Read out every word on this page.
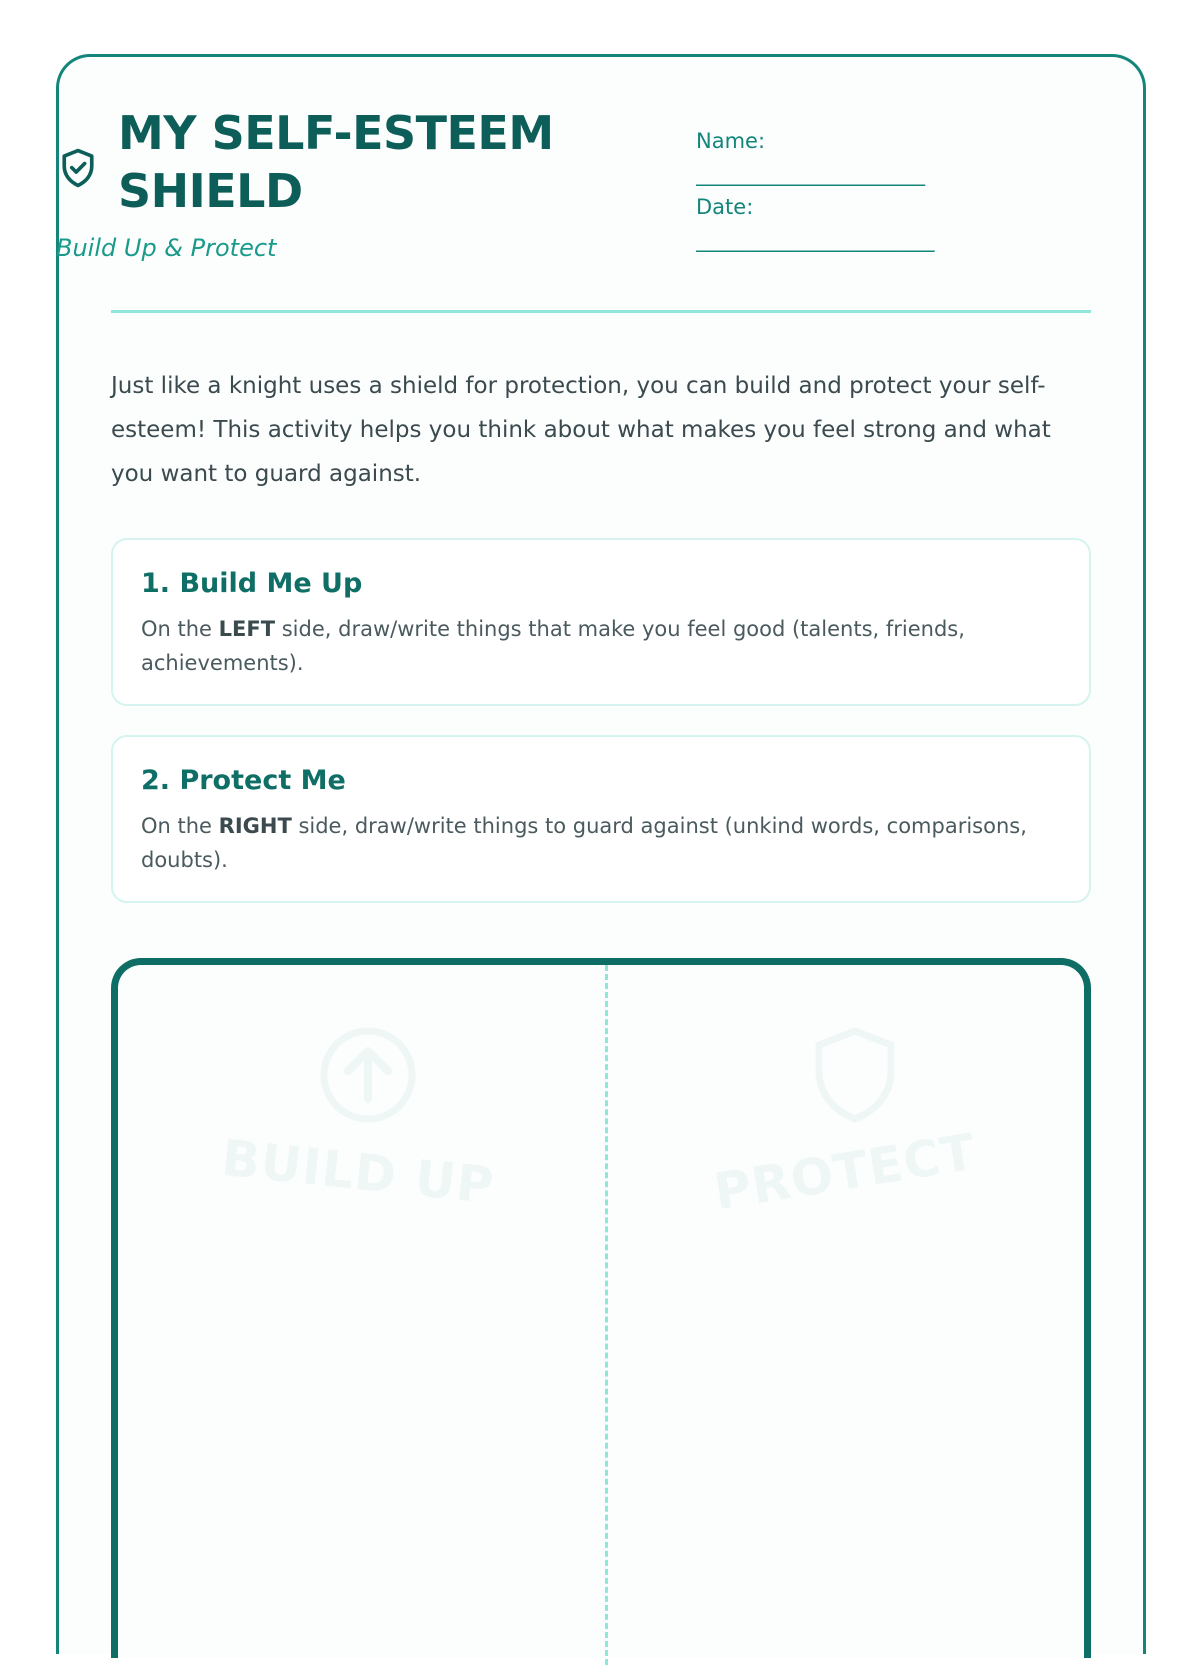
MY SELF-ESTEEM SHIELD
Build Up & Protect
Name:
________________________
Date:
_________________________

Just like a knight uses a shield for protection, you can build and protect your self-esteem! This activity helps you think about what makes you feel strong and what you want to guard against.

1. Build Me Up

On the LEFT side, draw/write things that make you feel good (talents, friends, achievements).

2. Protect Me

On the RIGHT side, draw/write things to guard against (unkind words, comparisons, doubts).

BUILD UP	PROTECT
